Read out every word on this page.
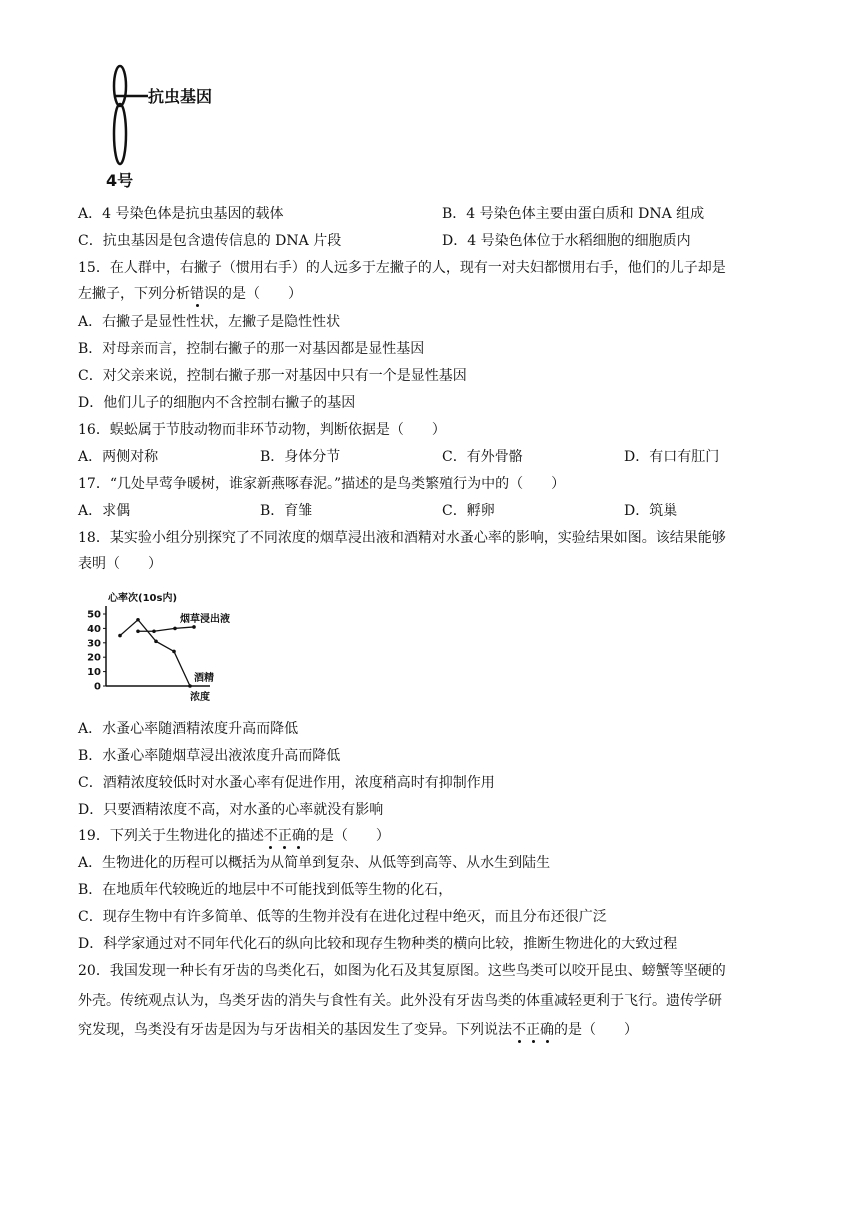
抗虫基因
4号
A．4 号染色体是抗虫基因的载体	B．4 号染色体主要由蛋白质和 DNA 组成
C．抗虫基因是包含遗传信息的 DNA 片段	D．4 号染色体位于水稻细胞的细胞质内
15．在人群中，右撇子（惯用右手）的人远多于左撇子的人，现有一对夫妇都惯用右手，他们的儿子却是
左撇子，下列分析错误的是（　　）
A．右撇子是显性性状，左撇子是隐性性状
B．对母亲而言，控制右撇子的那一对基因都是显性基因
C．对父亲来说，控制右撇子那一对基因中只有一个是显性基因
D．他们儿子的细胞内不含控制右撇子的基因
16．蜈蚣属于节肢动物而非环节动物，判断依据是（　　）
A．两侧对称	B．身体分节	C．有外骨骼	D．有口有肛门
17．“几处早莺争暖树，谁家新燕啄春泥。”描述的是鸟类繁殖行为中的（　　）
A．求偶	B．育雏	C．孵卵	D．筑巢
18．某实验小组分别探究了不同浓度的烟草浸出液和酒精对水蚤心率的影响，实验结果如图。该结果能够
表明（　　）
心率次(10s内)
浓度
烟草浸出液
酒精
50
40
30
20
10
0
A．水蚤心率随酒精浓度升高而降低
B．水蚤心率随烟草浸出液浓度升高而降低
C．酒精浓度较低时对水蚤心率有促进作用，浓度稍高时有抑制作用
D．只要酒精浓度不高，对水蚤的心率就没有影响
19．下列关于生物进化的描述不正确的是（　　）
A．生物进化的历程可以概括为从简单到复杂、从低等到高等、从水生到陆生
B．在地质年代较晚近的地层中不可能找到低等生物的化石，
C．现存生物中有许多简单、低等的生物并没有在进化过程中绝灭，而且分布还很广泛
D．科学家通过对不同年代化石的纵向比较和现存生物种类的横向比较，推断生物进化的大致过程
20．我国发现一种长有牙齿的鸟类化石，如图为化石及其复原图。这些鸟类可以咬开昆虫、螃蟹等坚硬的
外壳。传统观点认为，鸟类牙齿的消失与食性有关。此外没有牙齿鸟类的体重减轻更利于飞行。遗传学研
究发现，鸟类没有牙齿是因为与牙齿相关的基因发生了变异。下列说法不正确的是（　　）
